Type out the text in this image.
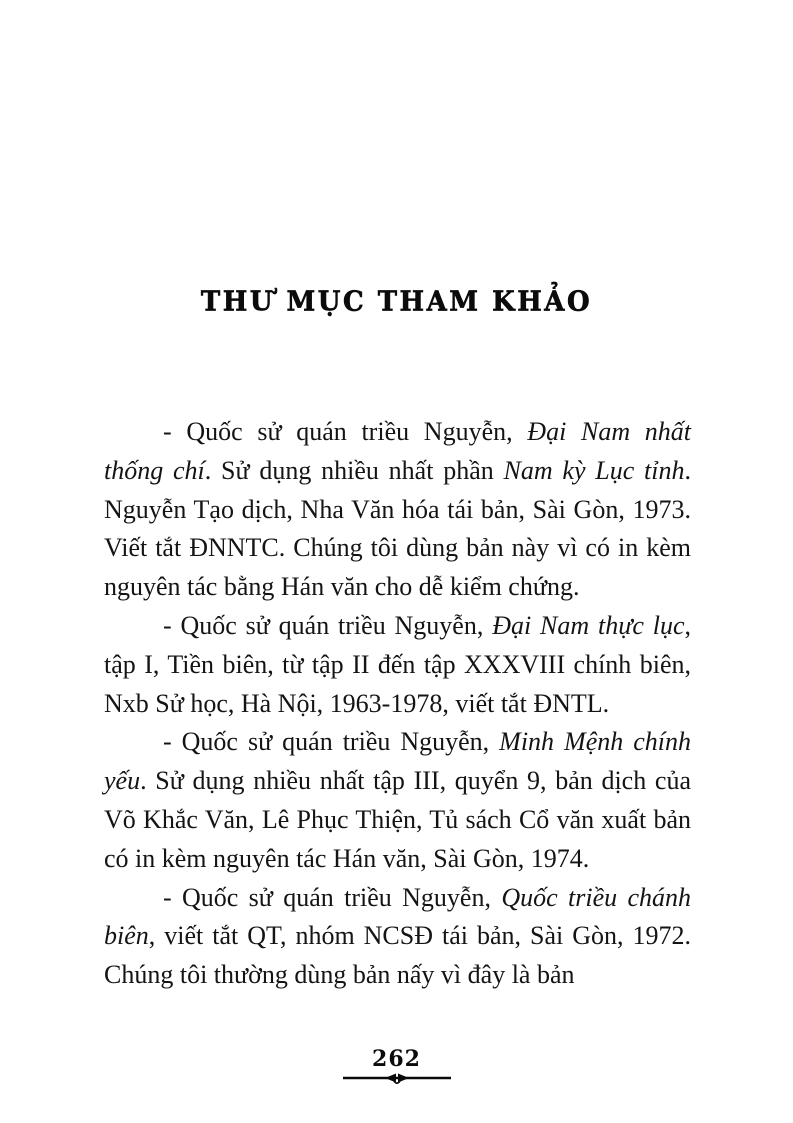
THƯ MỤC THAM KHẢO

- Quốc sử quán triều Nguyễn, Đại Nam nhất thống chí. Sử dụng nhiều nhất phần Nam kỳ Lục tỉnh. Nguyễn Tạo dịch, Nha Văn hóa tái bản, Sài Gòn, 1973. Viết tắt ĐNNTC. Chúng tôi dùng bản này vì có in kèm nguyên tác bằng Hán văn cho dễ kiểm chứng.

- Quốc sử quán triều Nguyễn, Đại Nam thực lục, tập I, Tiền biên, từ tập II đến tập XXXVIII chính biên, Nxb Sử học, Hà Nội, 1963-1978, viết tắt ĐNTL.

- Quốc sử quán triều Nguyễn, Minh Mệnh chính yếu. Sử dụng nhiều nhất tập III, quyển 9, bản dịch của Võ Khắc Văn, Lê Phục Thiện, Tủ sách Cổ văn xuất bản có in kèm nguyên tác Hán văn, Sài Gòn, 1974.

- Quốc sử quán triều Nguyễn, Quốc triều chánh biên, viết tắt QT, nhóm NCSĐ tái bản, Sài Gòn, 1972. Chúng tôi thường dùng bản nấy vì đây là bản

262
